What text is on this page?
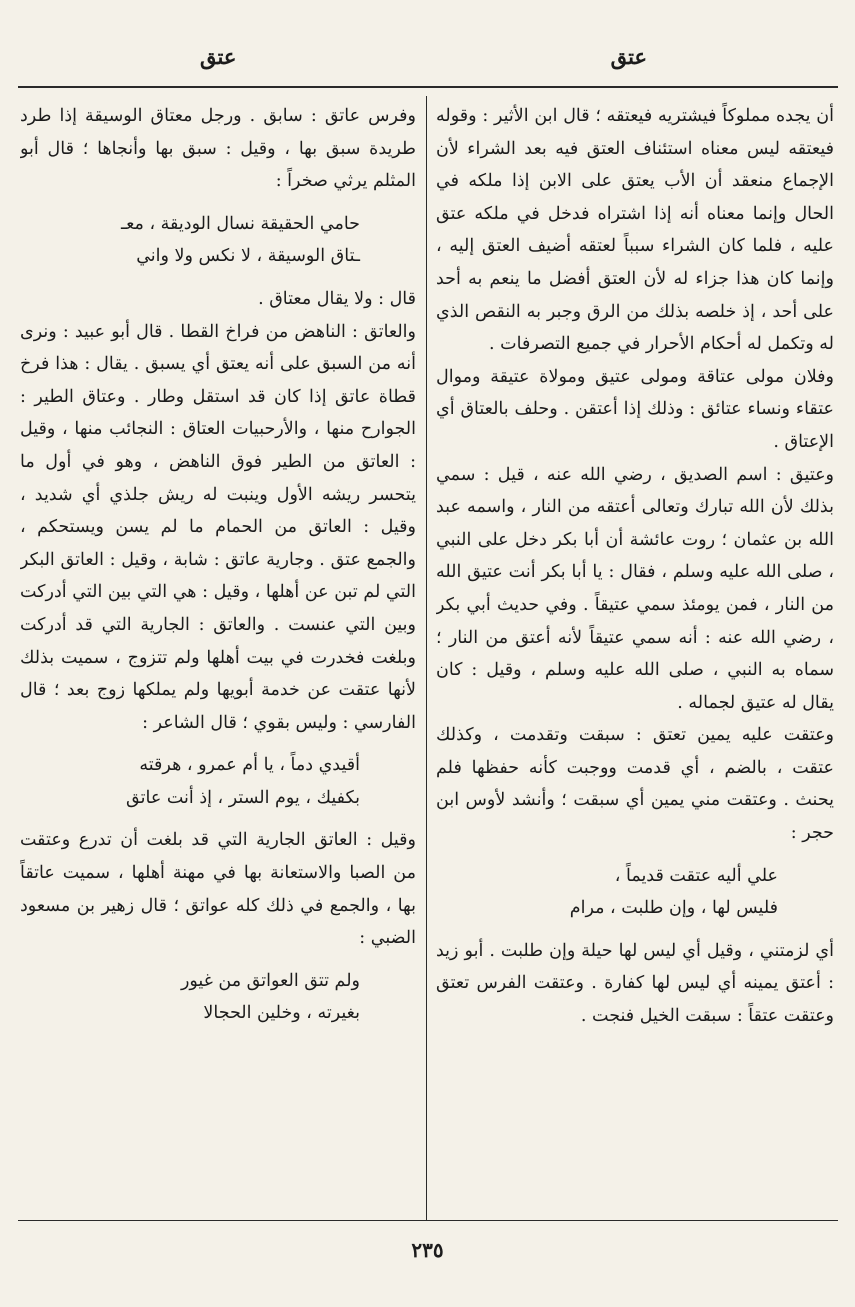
عتق
عتق

أن يجده مملوكاً فيشتريه فيعتقه ؛ قال ابن الأثير : وقوله فيعتقه ليس معناه استئناف العتق فيه بعد الشراء لأن الإجماع منعقد أن الأب يعتق على الابن إذا ملكه في الحال وإنما معناه أنه إذا اشتراه فدخل في ملكه عتق عليه ، فلما كان الشراء سبباً لعتقه أضيف العتق إليه ، وإنما كان هذا جزاء له لأن العتق أفضل ما ينعم به أحد على أحد ، إذ خلصه بذلك من الرق وجبر به النقص الذي له وتكمل له أحكام الأحرار في جميع التصرفات .

وفلان مولى عتاقة ومولى عتيق ومولاة عتيقة وموال عتقاء ونساء عتائق : وذلك إذا أعتقن . وحلف بالعتاق أي الإعتاق .

وعتيق : اسم الصديق ، رضي الله عنه ، قيل : سمي بذلك لأن الله تبارك وتعالى أعتقه من النار ، واسمه عبد الله بن عثمان ؛ روت عائشة أن أبا بكر دخل على النبي ، صلى الله عليه وسلم ، فقال : يا أبا بكر أنت عتيق الله من النار ، فمن يومئذ سمي عتيقاً . وفي حديث أبي بكر ، رضي الله عنه : أنه سمي عتيقاً لأنه أعتق من النار ؛ سماه به النبي ، صلى الله عليه وسلم ، وقيل : كان يقال له عتيق لجماله .

وعتقت عليه يمين تعتق : سبقت وتقدمت ، وكذلك عتقت ، بالضم ، أي قدمت ووجبت كأنه حفظها فلم يحنث . وعتقت مني يمين أي سبقت ؛ وأنشد لأوس ابن حجر :

علي أليه عتقت قديماً ،
فليس لها ، وإن طلبت ، مرام

أي لزمتني ، وقيل أي ليس لها حيلة وإن طلبت . أبو زيد : أعتق يمينه أي ليس لها كفارة . وعتقت الفرس تعتق وعتقت عتقاً : سبقت الخيل فنجت .

وفرس عاتق : سابق . ورجل معتاق الوسيقة إذا طرد طريدة سبق بها ، وقيل : سبق بها وأنجاها ؛ قال أبو المثلم يرثي صخراً :

حامي الحقيقة نسال الوديقة ، معـ
ـتاق الوسيقة ، لا نكس ولا واني

قال : ولا يقال معتاق .

والعاتق : الناهض من فراخ القطا . قال أبو عبيد : ونرى أنه من السبق على أنه يعتق أي يسبق . يقال : هذا فرخ قطاة عاتق إذا كان قد استقل وطار . وعتاق الطير : الجوارح منها ، والأرحبيات العتاق : النجائب منها ، وقيل : العاتق من الطير فوق الناهض ، وهو في أول ما يتحسر ريشه الأول وينبت له ريش جلذي أي شديد ، وقيل : العاتق من الحمام ما لم يسن ويستحكم ، والجمع عتق . وجارية عاتق : شابة ، وقيل : العاتق البكر التي لم تبن عن أهلها ، وقيل : هي التي بين التي أدركت وبين التي عنست . والعاتق : الجارية التي قد أدركت وبلغت فخدرت في بيت أهلها ولم تتزوج ، سميت بذلك لأنها عتقت عن خدمة أبويها ولم يملكها زوج بعد ؛ قال الفارسي : وليس بقوي ؛ قال الشاعر :

أقيدي دماً ، يا أم عمرو ، هرقته
بكفيك ، يوم الستر ، إذ أنت عاتق

وقيل : العاتق الجارية التي قد بلغت أن تدرع وعتقت من الصبا والاستعانة بها في مهنة أهلها ، سميت عاتقاً بها ، والجمع في ذلك كله عواتق ؛ قال زهير بن مسعود الضبي :

ولم تتق العواتق من غيور
بغيرته ، وخلين الحجالا
٢٣٥
